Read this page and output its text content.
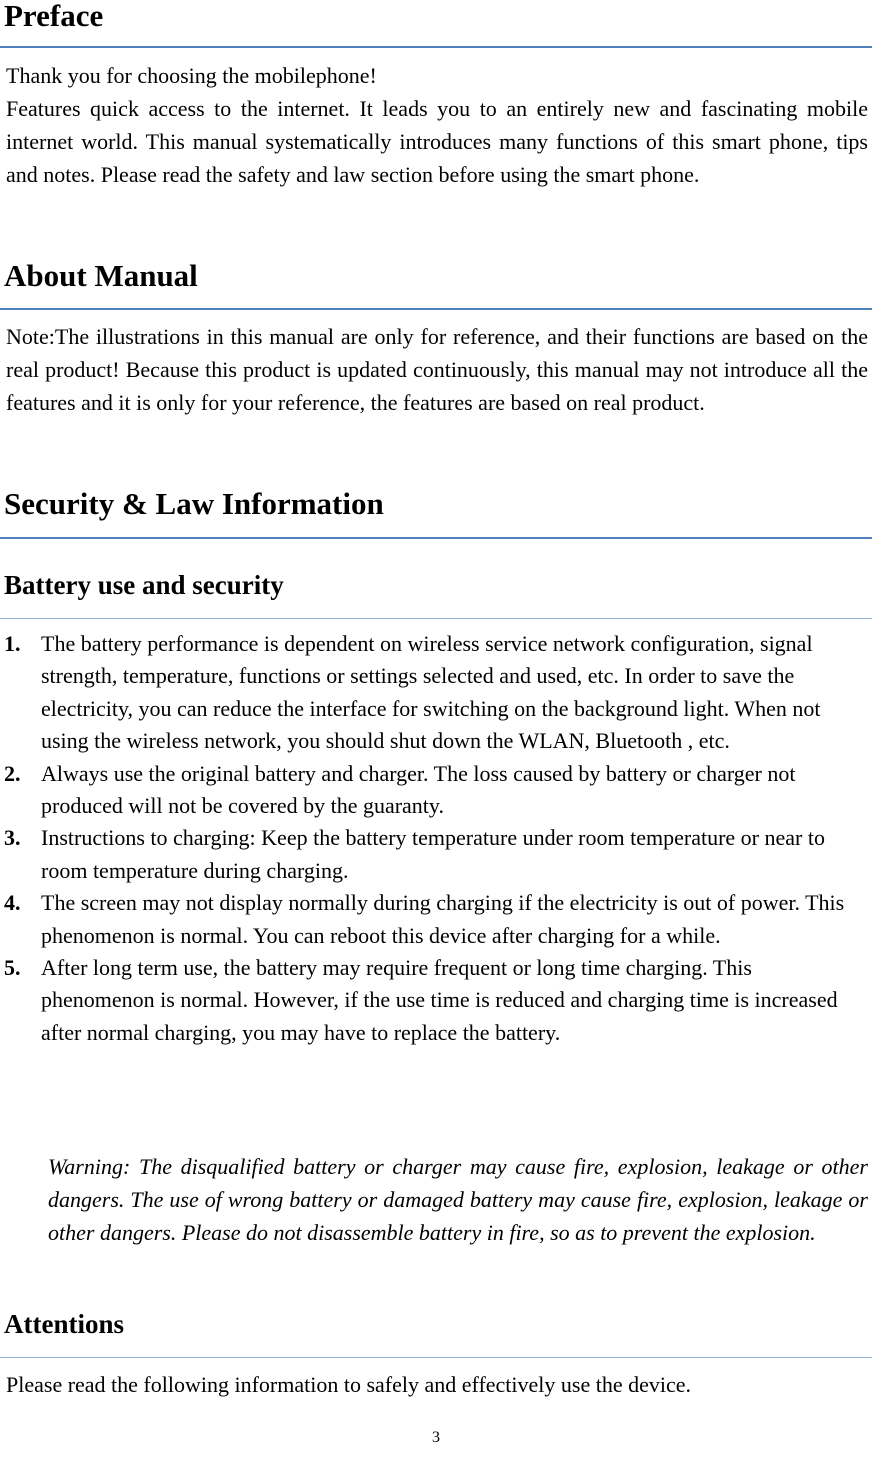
Preface

Thank you for choosing the mobilephone!

Features quick access to the internet. It leads you to an entirely new and fascinating mobile internet world. This manual systematically introduces many functions of this smart phone, tips and notes. Please read the safety and law section before using the smart phone.

About Manual

Note:The illustrations in this manual are only for reference, and their functions are based on the real product! Because this product is updated continuously, this manual may not introduce all the features and it is only for your reference, the features are based on real product.

Security & Law Information
Battery use and security
1. The battery performance is dependent on wireless service network configuration, signal strength, temperature, functions or settings selected and used, etc. In order to save the electricity, you can reduce the interface for switching on the background light. When not using the wireless network, you should shut down the WLAN, Bluetooth , etc.
2. Always use the original battery and charger. The loss caused by battery or charger not produced will not be covered by the guaranty.
3. Instructions to charging: Keep the battery temperature under room temperature or near to room temperature during charging.
4. The screen may not display normally during charging if the electricity is out of power. This phenomenon is normal. You can reboot this device after charging for a while.
5. After long term use, the battery may require frequent or long time charging. This phenomenon is normal. However, if the use time is reduced and charging time is increased after normal charging, you may have to replace the battery.

Warning: The disqualified battery or charger may cause fire, explosion, leakage or other dangers. The use of wrong battery or damaged battery may cause fire, explosion, leakage or other dangers. Please do not disassemble battery in fire, so as to prevent the explosion.

Attentions

Please read the following information to safely and effectively use the device.

3
